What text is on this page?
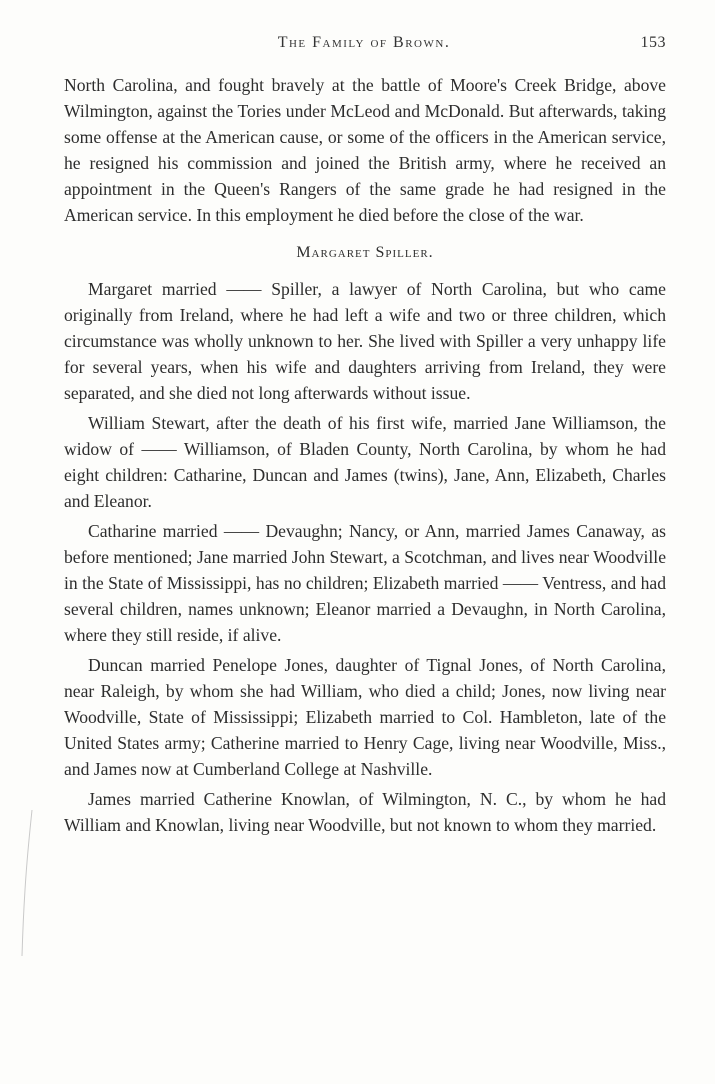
The Family of Brown.	153

North Carolina, and fought bravely at the battle of Moore's Creek Bridge, above Wilmington, against the Tories under McLeod and McDonald. But afterwards, taking some offense at the American cause, or some of the officers in the American service, he resigned his commission and joined the British army, where he received an appointment in the Queen's Rangers of the same grade he had resigned in the American service. In this employment he died before the close of the war.

Margaret Spiller.

Margaret married —— Spiller, a lawyer of North Carolina, but who came originally from Ireland, where he had left a wife and two or three children, which circumstance was wholly unknown to her. She lived with Spiller a very unhappy life for several years, when his wife and daughters arriving from Ireland, they were separated, and she died not long afterwards without issue.

William Stewart, after the death of his first wife, married Jane Williamson, the widow of —— Williamson, of Bladen County, North Carolina, by whom he had eight children: Catharine, Duncan and James (twins), Jane, Ann, Elizabeth, Charles and Eleanor.

Catharine married —— Devaughn; Nancy, or Ann, married James Canaway, as before mentioned; Jane married John Stewart, a Scotchman, and lives near Woodville in the State of Mississippi, has no children; Elizabeth married —— Ventress, and had several children, names unknown; Eleanor married a Devaughn, in North Carolina, where they still reside, if alive.

Duncan married Penelope Jones, daughter of Tignal Jones, of North Carolina, near Raleigh, by whom she had William, who died a child; Jones, now living near Woodville, State of Mississippi; Elizabeth married to Col. Hambleton, late of the United States army; Catherine married to Henry Cage, living near Woodville, Miss., and James now at Cumberland College at Nashville.

James married Catherine Knowlan, of Wilmington, N. C., by whom he had William and Knowlan, living near Woodville, but not known to whom they married.
